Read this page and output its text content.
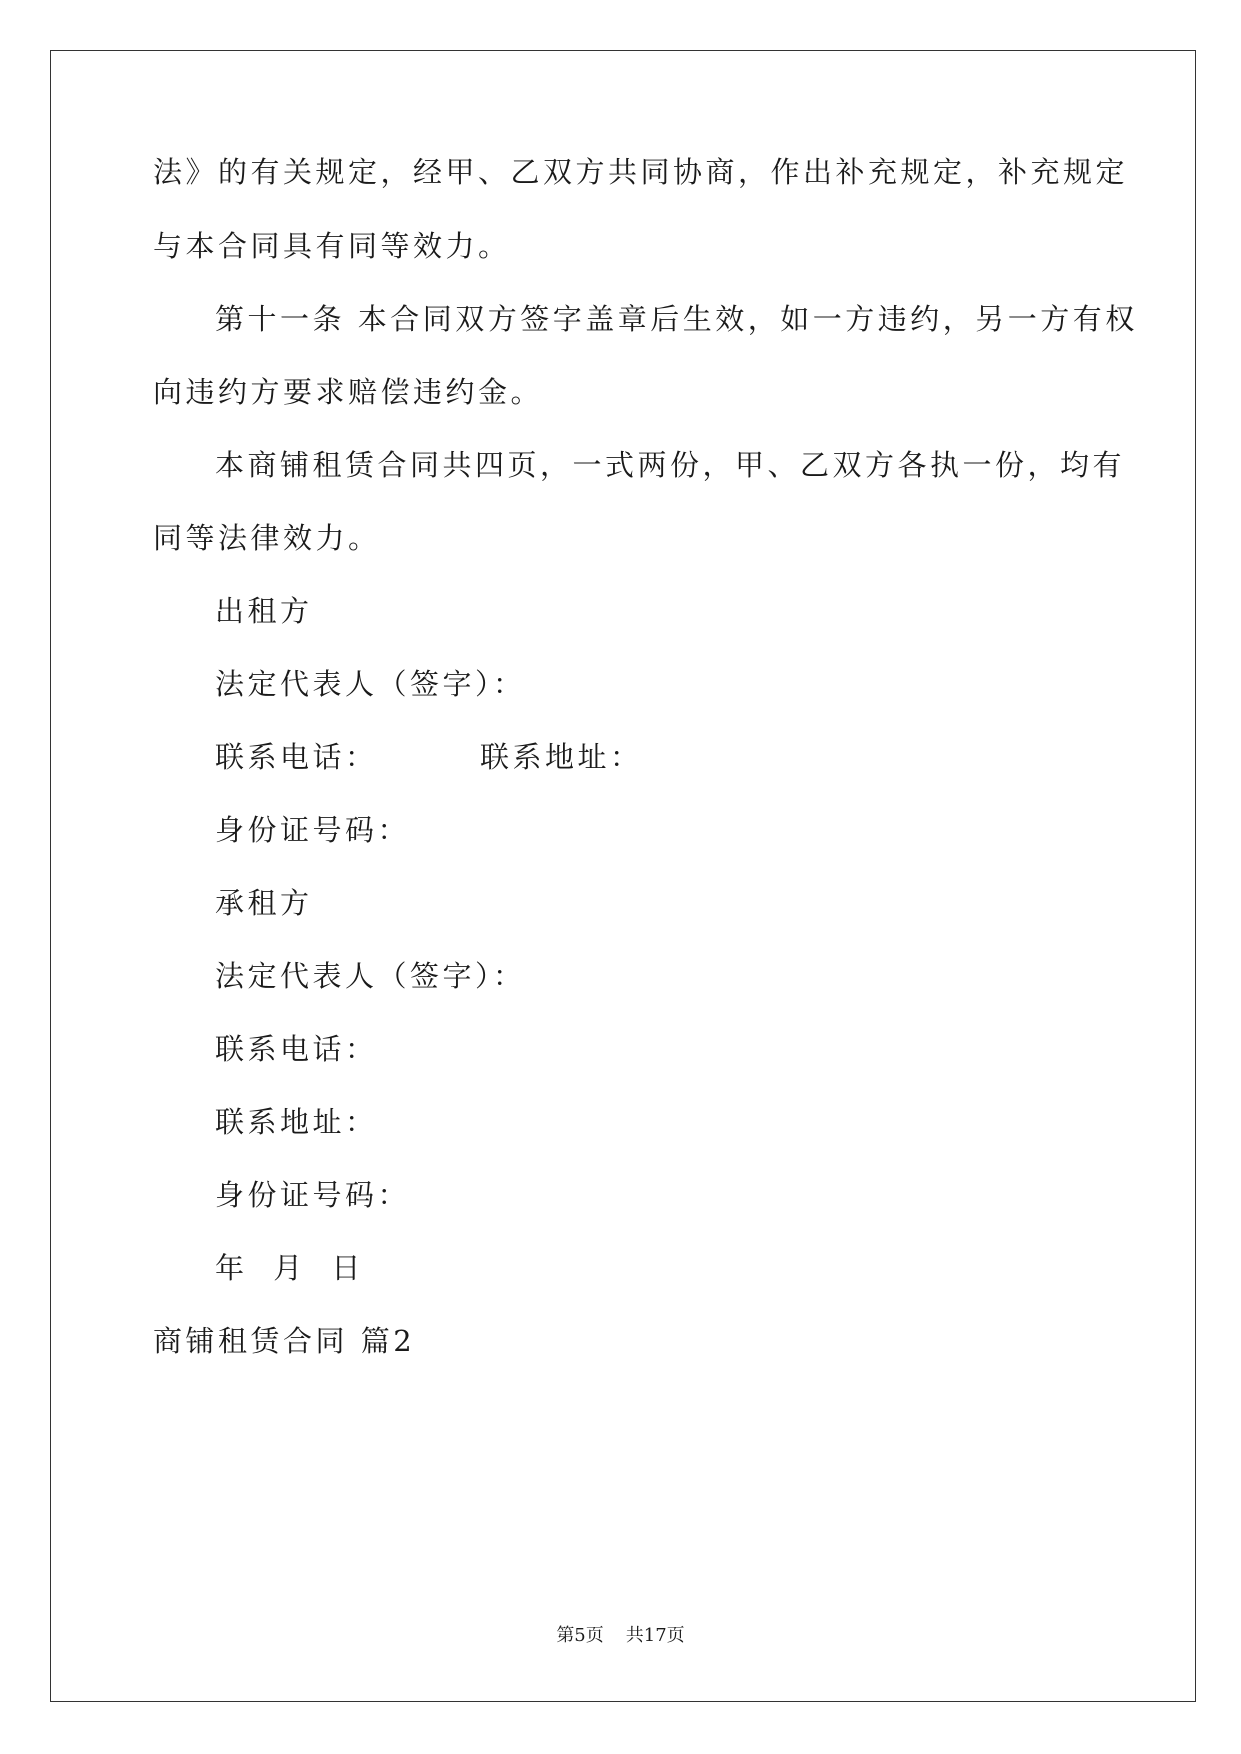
法》的有关规定，经甲、乙双方共同协商，作出补充规定，补充规定
与本合同具有同等效力。
第十一条 本合同双方签字盖章后生效，如一方违约，另一方有权
向违约方要求赔偿违约金。
本商铺租赁合同共四页，一式两份，甲、乙双方各执一份，均有
同等法律效力。
出租方
法定代表人（签字）：
联系电话：	联系地址：
身份证号码：
承租方
法定代表人（签字）：
联系电话：
联系地址：
身份证号码：
年 月 日
商铺租赁合同 篇2
第5页 共17页
